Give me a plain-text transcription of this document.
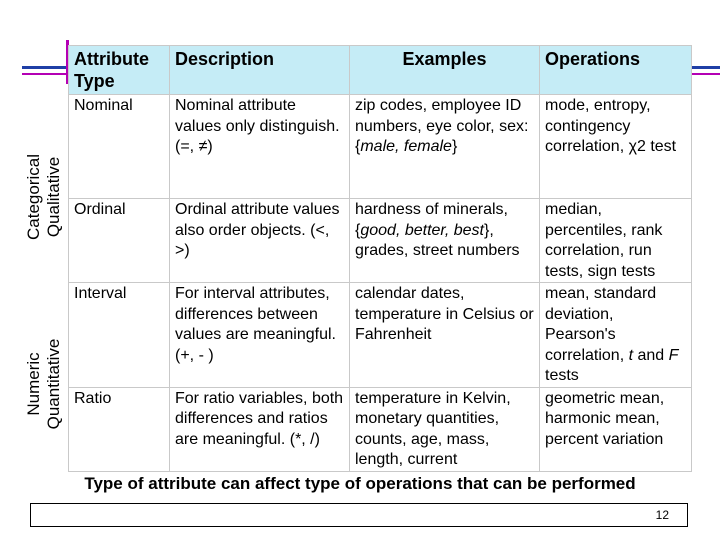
Categorical Qualitative
Numeric Quantitative
Attribute Type	Description	Examples	Operations
Nominal	Nominal attribute values only distinguish. (=, ≠)	zip codes, employee ID numbers, eye color, sex: {male, female}	mode, entropy, contingency correlation, χ2 test
Ordinal	Ordinal attribute values also order objects. (<, >)	hardness of minerals, {good, better, best}, grades, street numbers	median, percentiles, rank correlation, run tests, sign tests
Interval	For interval attributes, differences between values are meaningful. (+, - )	calendar dates, temperature in Celsius or Fahrenheit	mean, standard deviation, Pearson's correlation, t and F tests
Ratio	For ratio variables, both differences and ratios are meaningful. (*, /)	temperature in Kelvin, monetary quantities, counts, age, mass, length, current	geometric mean, harmonic mean, percent variation
Type of attribute can affect type of operations that can be performed
12
